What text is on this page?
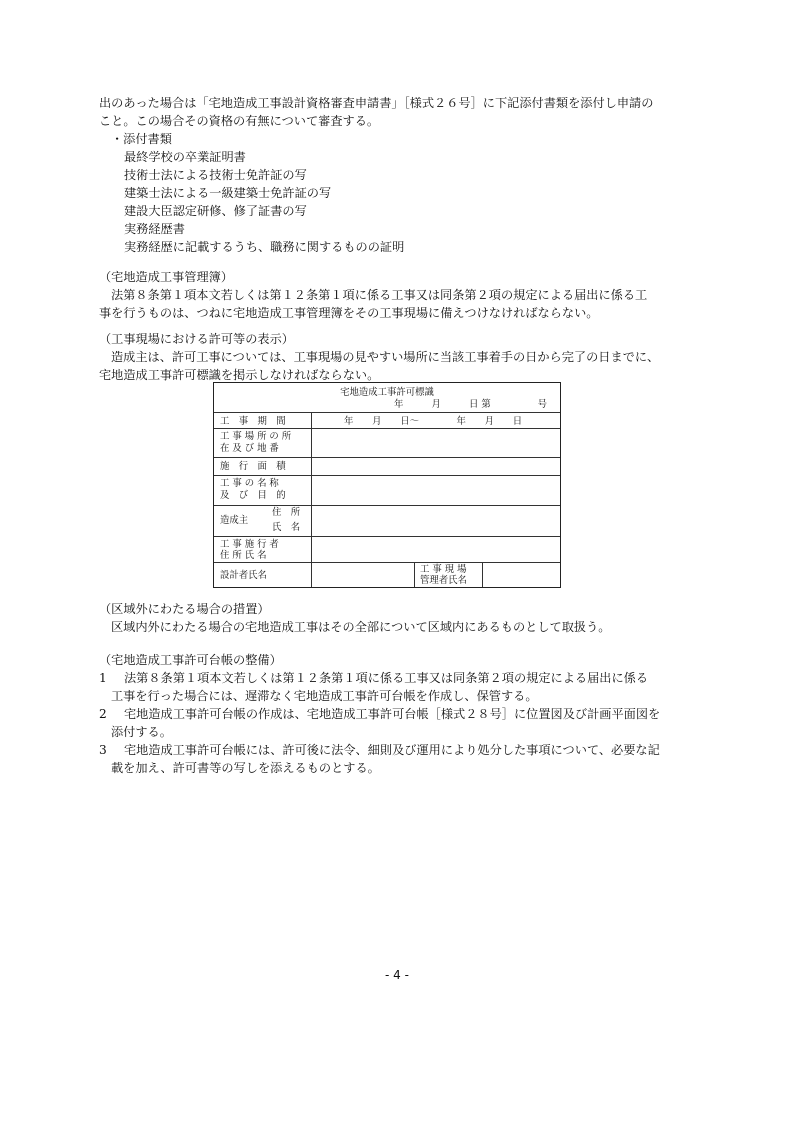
出のあった場合は「宅地造成工事設計資格審査申請書」［様式２６号］に下記添付書類を添付し申請の
こと。この場合その資格の有無について審査する。
・添付書類
最終学校の卒業証明書
技術士法による技術士免許証の写
建築士法による一級建築士免許証の写
建設大臣認定研修、修了証書の写
実務経歴書
実務経歴に記載するうち、職務に関するものの証明
（宅地造成工事管理簿）
法第８条第１項本文若しくは第１２条第１項に係る工事又は同条第２項の規定による届出に係る工
事を行うものは、つねに宅地造成工事管理簿をその工事現場に備えつけなければならない。
（工事現場における許可等の表示）
造成主は、許可工事については、工事現場の見やすい場所に当該工事着手の日から完了の日までに、
宅地造成工事許可標識を掲示しなければならない。
宅地造成工事許可標識
年　　　月　　　日 第　　　　　号
工　事　期　間	年　　月　　日〜　　　　年　　月　　日
工 事 場 所 の 所
在 及 び 地 番
施　行　面　積
工 事 の 名 称
及　び　目　的
造成主
住　所
氏　名
工 事 施 行 者
住 所 氏 名
設計者氏名
工 事 現 場
管理者氏名
（区域外にわたる場合の措置）
区域内外にわたる場合の宅地造成工事はその全部について区域内にあるものとして取扱う。
（宅地造成工事許可台帳の整備）
1 法第８条第１項本文若しくは第１２条第１項に係る工事又は同条第２項の規定による届出に係る
工事を行った場合には、遅滞なく宅地造成工事許可台帳を作成し、保管する。
2 宅地造成工事許可台帳の作成は、宅地造成工事許可台帳［様式２８号］に位置図及び計画平面図を
添付する。
3 宅地造成工事許可台帳には、許可後に法令、細則及び運用により処分した事項について、必要な記
載を加え、許可書等の写しを添えるものとする。
- 4 -
